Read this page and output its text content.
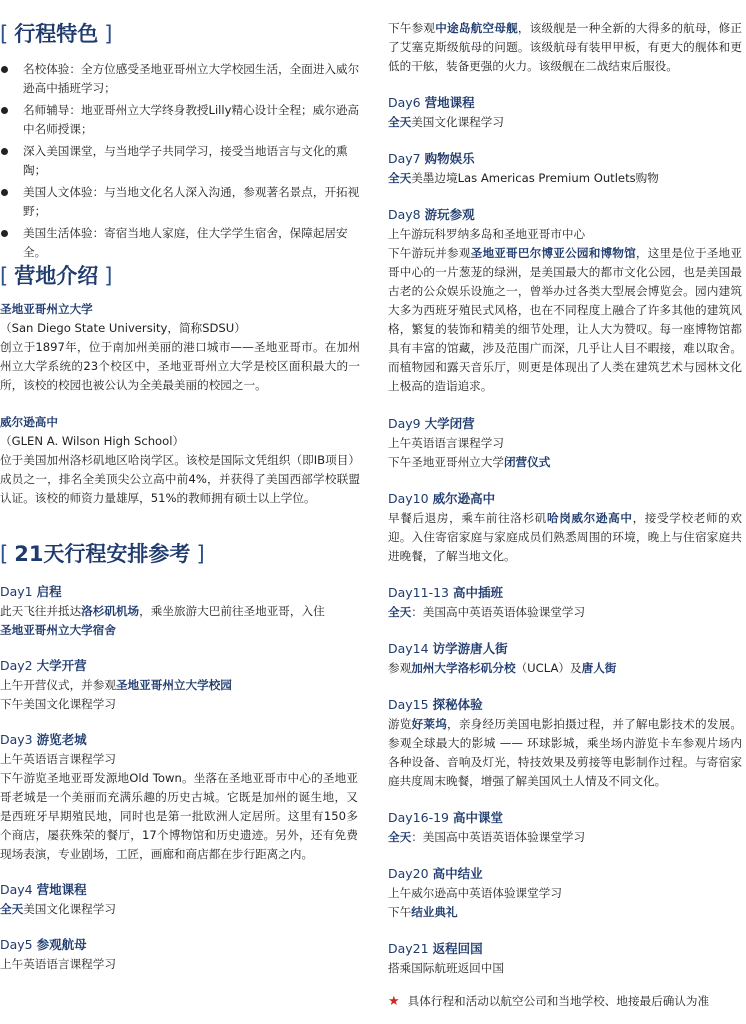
[ 行程特色 ]
名校体验：全方位感受圣地亚哥州立大学校园生活，全面进入威尔逊高中插班学习；
名师辅导：地亚哥州立大学终身教授Lilly精心设计全程；威尔逊高中名师授课；
深入美国课堂，与当地学子共同学习，接受当地语言与文化的熏陶；
美国人文体验：与当地文化名人深入沟通，参观著名景点，开拓视野；
美国生活体验：寄宿当地人家庭，住大学学生宿舍，保障起居安全。
[ 营地介绍 ]
圣地亚哥州立大学
（San Diego State University，简称SDSU）
创立于1897年，位于南加州美丽的港口城市——圣地亚哥市。在加州州立大学系统的23个校区中，圣地亚哥州立大学是校区面积最大的一所，该校的校园也被公认为全美最美丽的校园之一。
威尔逊高中
（GLEN A. Wilson High School）
位于美国加州洛杉矶地区哈岗学区。该校是国际文凭组织（即IB项目）成员之一，排名全美顶尖公立高中前4%，并获得了美国西部学校联盟认证。该校的师资力量雄厚，51%的教师拥有硕士以上学位。
[ 21天行程安排参考 ]
Day1 启程
此天飞往并抵达洛杉矶机场，乘坐旅游大巴前往圣地亚哥，入住
圣地亚哥州立大学宿舍
Day2 大学开营
上午开营仪式，并参观圣地亚哥州立大学校园
下午美国文化课程学习
Day3 游览老城
上午英语语言课程学习
下午游览圣地亚哥发源地Old Town。坐落在圣地亚哥市中心的圣地亚哥老城是一个美丽而充满乐趣的历史古城。它既是加州的诞生地，又是西班牙早期殖民地，同时也是第一批欧洲人定居所。这里有150多个商店，屡获殊荣的餐厅，17个博物馆和历史遗迹。另外，还有免费现场表演，专业剧场，工匠，画廊和商店都在步行距离之内。
Day4 营地课程
全天美国文化课程学习
Day5 参观航母
上午英语语言课程学习
下午参观中途岛航空母舰，该级舰是一种全新的大得多的航母，修正了艾塞克斯级航母的问题。该级航母有装甲甲板，有更大的舰体和更低的干舷，装备更强的火力。该级舰在二战结束后服役。
Day6 营地课程
全天美国文化课程学习
Day7 购物娱乐
全天美墨边境Las Americas Premium Outlets购物
Day8 游玩参观
上午游玩科罗纳多岛和圣地亚哥市中心
下午游玩并参观圣地亚哥巴尔博亚公园和博物馆，这里是位于圣地亚哥中心的一片葱茏的绿洲，是美国最大的都市文化公园，也是美国最古老的公众娱乐设施之一，曾举办过各类大型展会博览会。园内建筑大多为西班牙殖民式风格，也在不同程度上融合了许多其他的建筑风格，繁复的装饰和精美的细节处理，让人大为赞叹。每一座博物馆都具有丰富的馆藏，涉及范围广而深，几乎让人目不暇接，难以取舍。而植物园和露天音乐厅，则更是体现出了人类在建筑艺术与园林文化上极高的造诣追求。
Day9 大学闭营
上午英语语言课程学习
下午圣地亚哥州立大学闭营仪式
Day10 威尔逊高中
早餐后退房，乘车前往洛杉矶哈岗威尔逊高中，接受学校老师的欢迎。入住寄宿家庭与家庭成员们熟悉周围的环境，晚上与住宿家庭共进晚餐，了解当地文化。
Day11-13 高中插班
全天：美国高中英语英语体验课堂学习
Day14 访学游唐人街
参观加州大学洛杉矶分校（UCLA）及唐人街
Day15 探秘体验
游览好莱坞，亲身经历美国电影拍摄过程，并了解电影技术的发展。参观全球最大的影城 —— 环球影城，乘坐场内游览卡车参观片场内各种设备、音响及灯光，特技效果及剪接等电影制作过程。与寄宿家庭共度周末晚餐，增强了解美国风土人情及不同文化。
Day16-19 高中课堂
全天：美国高中英语英语体验课堂学习
Day20 高中结业
上午威尔逊高中英语体验课堂学习
下午结业典礼
Day21 返程回国
搭乘国际航班返回中国
★ 具体行程和活动以航空公司和当地学校、地接最后确认为准
